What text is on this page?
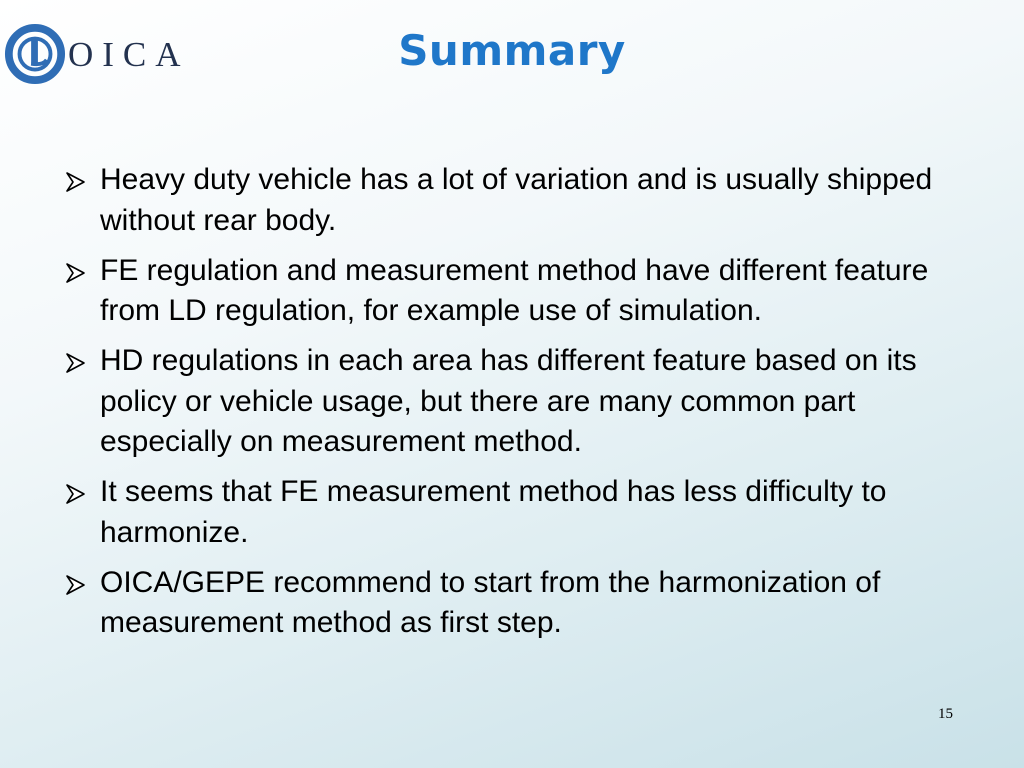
OICA	Summary
Heavy duty vehicle has a lot of variation and is usually shipped without rear body.
FE regulation and measurement method have different feature from LD regulation, for example use of simulation.
HD regulations in each area has different feature based on its policy or vehicle usage, but there are many common part especially on measurement method.
It seems that FE measurement method has less difficulty to harmonize.
OICA/GEPE recommend to start from the harmonization of measurement method as first step.
15
